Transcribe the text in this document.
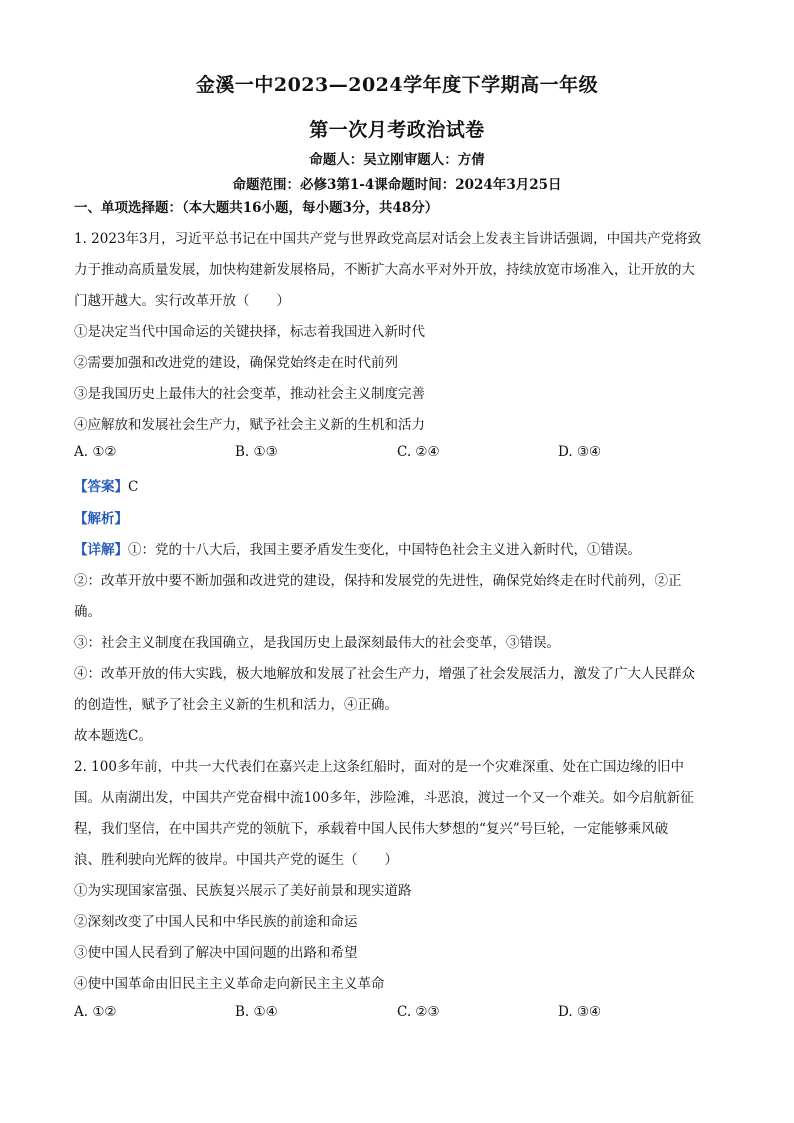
金溪一中2023—2024学年度下学期高一年级
第一次月考政治试卷
命题人：吴立刚审题人：方倩
命题范围：必修3第1-4课命题时间：2024年3月25日
一、单项选择题：（本大题共16小题，每小题3分，共48分）
1. 2023年3月，习近平总书记在中国共产党与世界政党高层对话会上发表主旨讲话强调，中国共产党将致
力于推动高质量发展，加快构建新发展格局，不断扩大高水平对外开放，持续放宽市场准入，让开放的大
门越开越大。实行改革开放（　　）
①是决定当代中国命运的关键抉择，标志着我国进入新时代
②需要加强和改进党的建设，确保党始终走在时代前列
③是我国历史上最伟大的社会变革，推动社会主义制度完善
④应解放和发展社会生产力，赋予社会主义新的生机和活力
A. ①②	B. ①③	C. ②④	D. ③④
【答案】C
【解析】
【详解】①：党的十八大后，我国主要矛盾发生变化，中国特色社会主义进入新时代，①错误。
②：改革开放中要不断加强和改进党的建设，保持和发展党的先进性，确保党始终走在时代前列，②正
确。
③：社会主义制度在我国确立，是我国历史上最深刻最伟大的社会变革，③错误。
④：改革开放的伟大实践，极大地解放和发展了社会生产力，增强了社会发展活力，激发了广大人民群众
的创造性，赋予了社会主义新的生机和活力，④正确。
故本题选C。
2. 100多年前，中共一大代表们在嘉兴走上这条红船时，面对的是一个灾难深重、处在亡国边缘的旧中
国。从南湖出发，中国共产党奋楫中流100多年，涉险滩，斗恶浪，渡过一个又一个难关。如今启航新征
程，我们坚信，在中国共产党的领航下，承载着中国人民伟大梦想的“复兴”号巨轮，一定能够乘风破
浪、胜利驶向光辉的彼岸。中国共产党的诞生（　　）
①为实现国家富强、民族复兴展示了美好前景和现实道路
②深刻改变了中国人民和中华民族的前途和命运
③使中国人民看到了解决中国问题的出路和希望
④使中国革命由旧民主主义革命走向新民主主义革命
A. ①②	B. ①④	C. ②③	D. ③④
